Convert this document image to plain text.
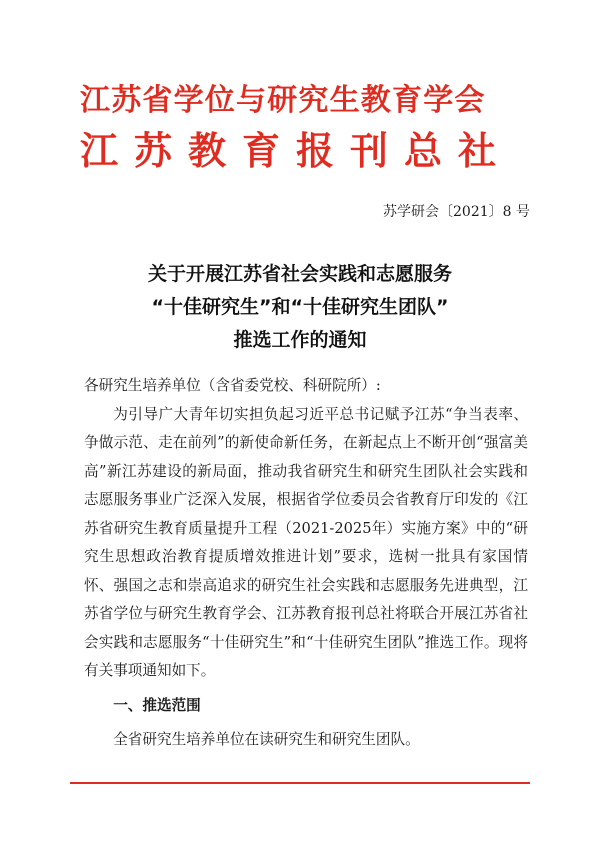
江苏省学位与研究生教育学会
江苏教育报刊总社
苏学研会〔2021〕8 号

关于开展江苏省社会实践和志愿服务

“十佳研究生”和“十佳研究生团队”

推选工作的通知

各研究生培养单位（含省委党校、科研院所）:

为引导广大青年切实担负起习近平总书记赋予江苏“争当表率、争做示范、走在前列”的新使命新任务，在新起点上不断开创“强富美高”新江苏建设的新局面，推动我省研究生和研究生团队社会实践和志愿服务事业广泛深入发展，根据省学位委员会省教育厅印发的《江苏省研究生教育质量提升工程（2021-2025年）实施方案》中的“研究生思想政治教育提质增效推进计划”要求，选树一批具有家国情怀、强国之志和崇高追求的研究生社会实践和志愿服务先进典型，江苏省学位与研究生教育学会、江苏教育报刊总社将联合开展江苏省社会实践和志愿服务“十佳研究生”和“十佳研究生团队”推选工作。现将有关事项通知如下。

一、推选范围

全省研究生培养单位在读研究生和研究生团队。
